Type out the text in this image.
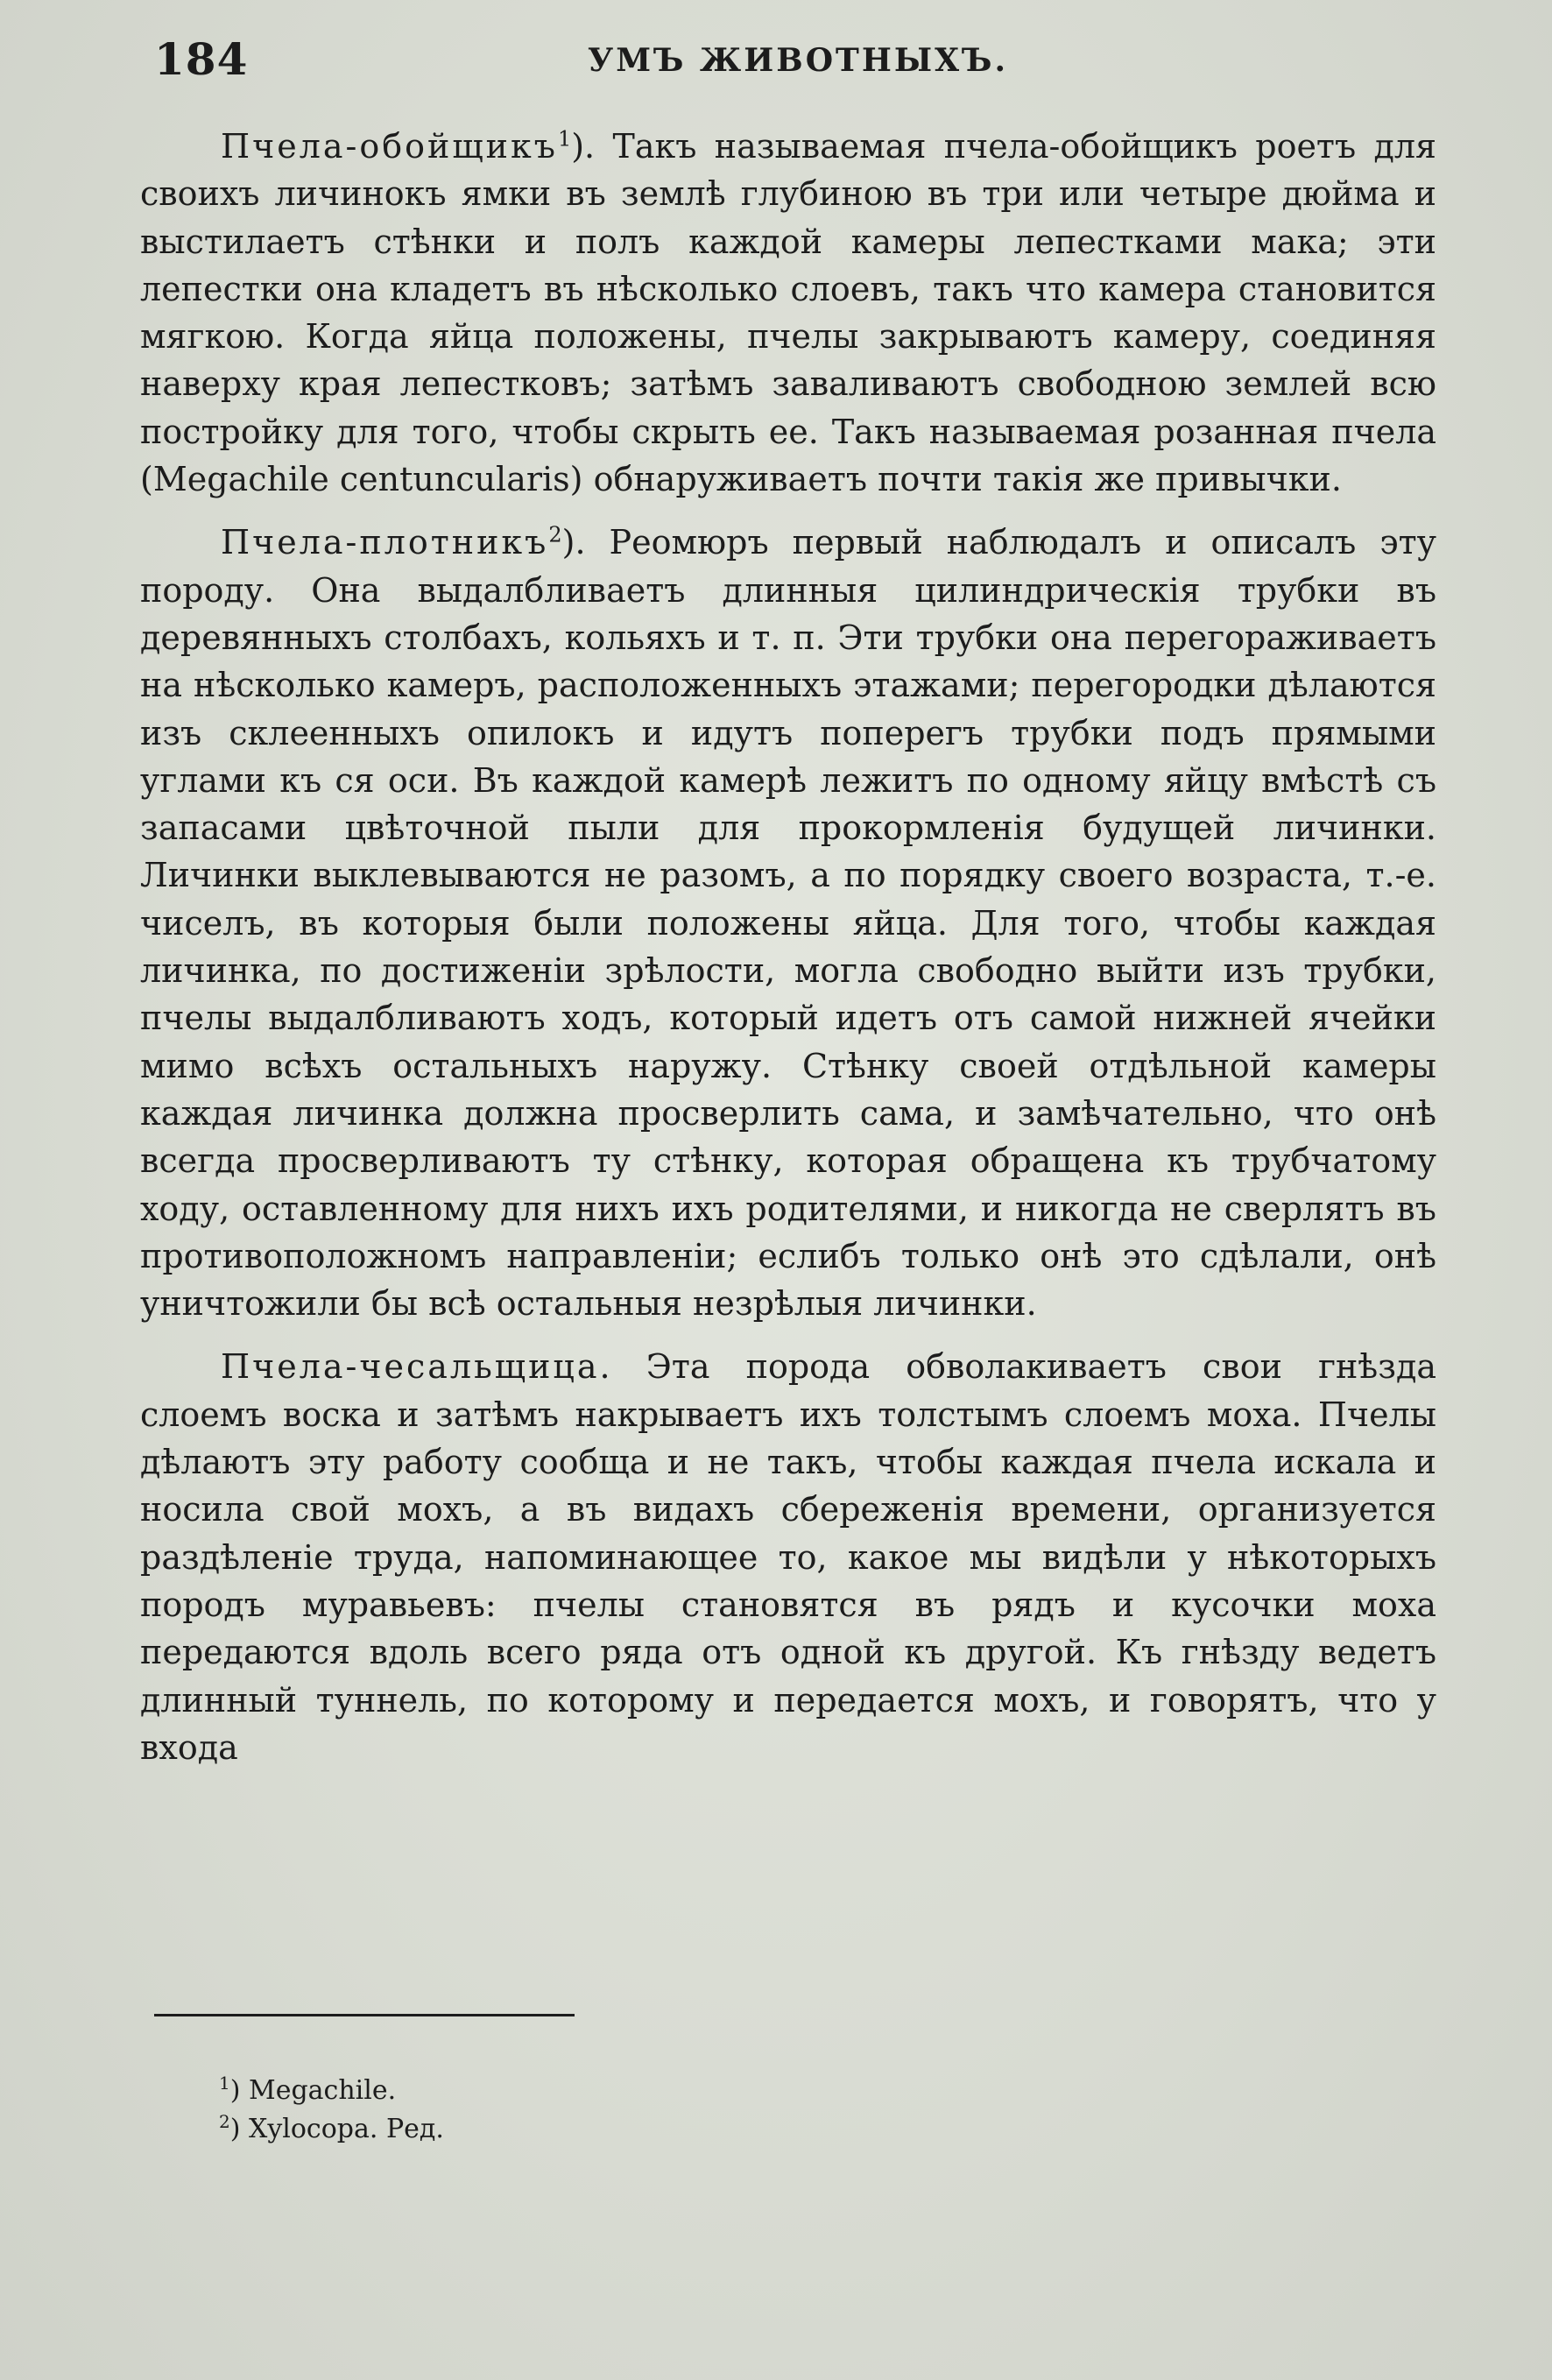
184	УМЪ ЖИВОТНЫХЪ.

Пчела-обойщикъ$^1$). Такъ называемая пчела-обойщикъ роетъ для своихъ личинокъ ямки въ землѣ глубиною въ три или четыре дюйма и выстилаетъ стѣнки и полъ каждой камеры лепестками мака; эти лепестки она кладетъ въ нѣсколько слоевъ, такъ что камера становится мягкою. Когда яйца положены, пчелы закрываютъ камеру, соединяя наверху края лепестковъ; затѣмъ заваливаютъ свободною землей всю постройку для того, чтобы скрыть ее. Такъ называемая розанная пчела (Megachile centuncularis) обнаруживаетъ почти такія же привычки.

Пчела-плотникъ$^2$). Реомюръ первый наблюдалъ и описалъ эту породу. Она выдалбливаетъ длинныя цилиндрическія трубки въ деревянныхъ столбахъ, кольяхъ и т. п. Эти трубки она перегораживаетъ на нѣсколько камеръ, расположенныхъ этажами; перегородки дѣлаются изъ склеенныхъ опилокъ и идутъ поперегъ трубки подъ прямыми углами къ ся оси. Въ каждой камерѣ лежитъ по одному яйцу вмѣстѣ съ запасами цвѣточной пыли для прокормленія будущей личинки. Личинки выклевываются не разомъ, а по порядку своего возраста, т.-е. чиселъ, въ которыя были положены яйца. Для того, чтобы каждая личинка, по достиженіи зрѣлости, могла свободно выйти изъ трубки, пчелы выдалбливаютъ ходъ, который идетъ отъ самой нижней ячейки мимо всѣхъ остальныхъ наружу. Стѣнку своей отдѣльной камеры каждая личинка должна просверлить сама, и замѣчательно, что онѣ всегда просверливаютъ ту стѣнку, которая обращена къ трубчатому ходу, оставленному для нихъ ихъ родителями, и никогда не сверлятъ въ противоположномъ направленіи; еслибъ только онѣ это сдѣлали, онѣ уничтожили бы всѣ остальныя незрѣлыя личинки.

Пчела-чесальщица. Эта порода обволакиваетъ свои гнѣзда слоемъ воска и затѣмъ накрываетъ ихъ толстымъ слоемъ моха. Пчелы дѣлаютъ эту работу сообща и не такъ, чтобы каждая пчела искала и носила свой мохъ, а въ видахъ сбереженія времени, организуется раздѣленіе труда, напоминающее то, какое мы видѣли у нѣкоторыхъ породъ муравьевъ: пчелы становятся въ рядъ и кусочки моха передаются вдоль всего ряда отъ одной къ другой. Къ гнѣзду ведетъ длинный туннель, по которому и передается мохъ, и говорятъ, что у входа

$^1$) Megachile.

$^2$) Xylocopa. Ред.
